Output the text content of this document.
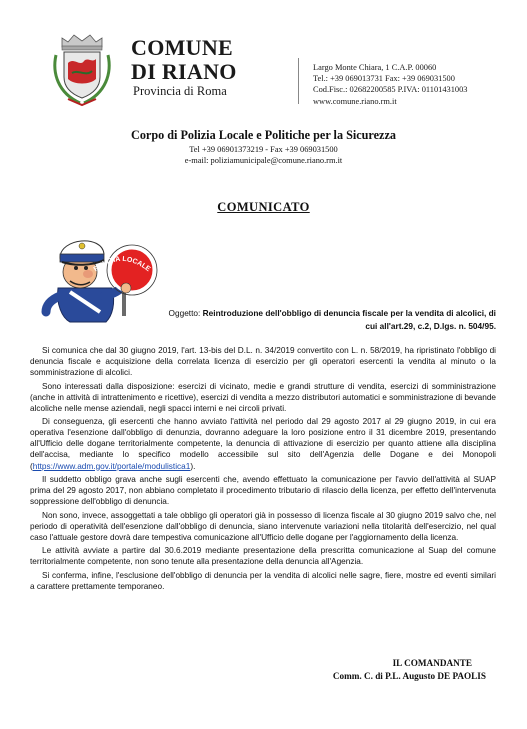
COMUNE
DI RIANO
Provincia di Roma
Largo Monte Chiara, 1 C.A.P. 00060
Tel.: +39 069013731 Fax: +39 069031500
Cod.Fisc.: 02682200585 P.IVA: 01101431003
www.comune.riano.rm.it
Corpo di Polizia Locale e Politiche per la Sicurezza
Tel +39 06901373219 - Fax +39 069031500
e-mail: poliziamunicipale@comune.riano.rm.it
COMUNICATO
POLIZIA LOCALE
Oggetto: Reintroduzione dell'obbligo di denuncia fiscale per la vendita di alcolici, di cui all'art.29, c.2, D.lgs. n. 504/95.

Si comunica che dal 30 giugno 2019, l'art. 13-bis del D.L. n. 34/2019 convertito con L. n. 58/2019, ha ripristinato l'obbligo di denuncia fiscale e acquisizione della correlata licenza di esercizio per gli operatori esercenti la vendita al minuto o la somministrazione di alcolici.

Sono interessati dalla disposizione: esercizi di vicinato, medie e grandi strutture di vendita, esercizi di somministrazione (anche in attività di intrattenimento e ricettive), esercizi di vendita a mezzo distributori automatici e somministrazione di bevande alcoliche nelle mense aziendali, negli spacci interni e nei circoli privati.

Di conseguenza, gli esercenti che hanno avviato l'attività nel periodo dal 29 agosto 2017 al 29 giugno 2019, in cui era operativa l'esenzione dall'obbligo di denunzia, dovranno adeguare la loro posizione entro il 31 dicembre 2019, presentando all'Ufficio delle dogane territorialmente competente, la denuncia di attivazione di esercizio per quanto attiene alla disciplina dell'accisa, mediante lo specifico modello accessibile sul sito dell'Agenzia delle Dogane e dei Monopoli (https://www.adm.gov.it/portale/modulistica1).

Il suddetto obbligo grava anche sugli esercenti che, avendo effettuato la comunicazione per l'avvio dell'attività al SUAP prima del 29 agosto 2017, non abbiano completato il procedimento tributario di rilascio della licenza, per effetto dell'intervenuta soppressione dell'obbligo di denuncia.

Non sono, invece, assoggettati a tale obbligo gli operatori già in possesso di licenza fiscale al 30 giugno 2019 salvo che, nel periodo di operatività dell'esenzione dall'obbligo di denuncia, siano intervenute variazioni nella titolarità dell'esercizio, nel qual caso l'attuale gestore dovrà dare tempestiva comunicazione all'Ufficio delle dogane per l'aggiornamento della licenza.

Le attività avviate a partire dal 30.6.2019 mediante presentazione della prescritta comunicazione al Suap del comune territorialmente competente, non sono tenute alla presentazione della denuncia all'Agenzia.

Si conferma, infine, l'esclusione dell'obbligo di denuncia per la vendita di alcolici nelle sagre, fiere, mostre ed eventi similari a carattere prettamente temporaneo.

IL COMANDANTE
Comm. C. di P.L. Augusto DE PAOLIS
